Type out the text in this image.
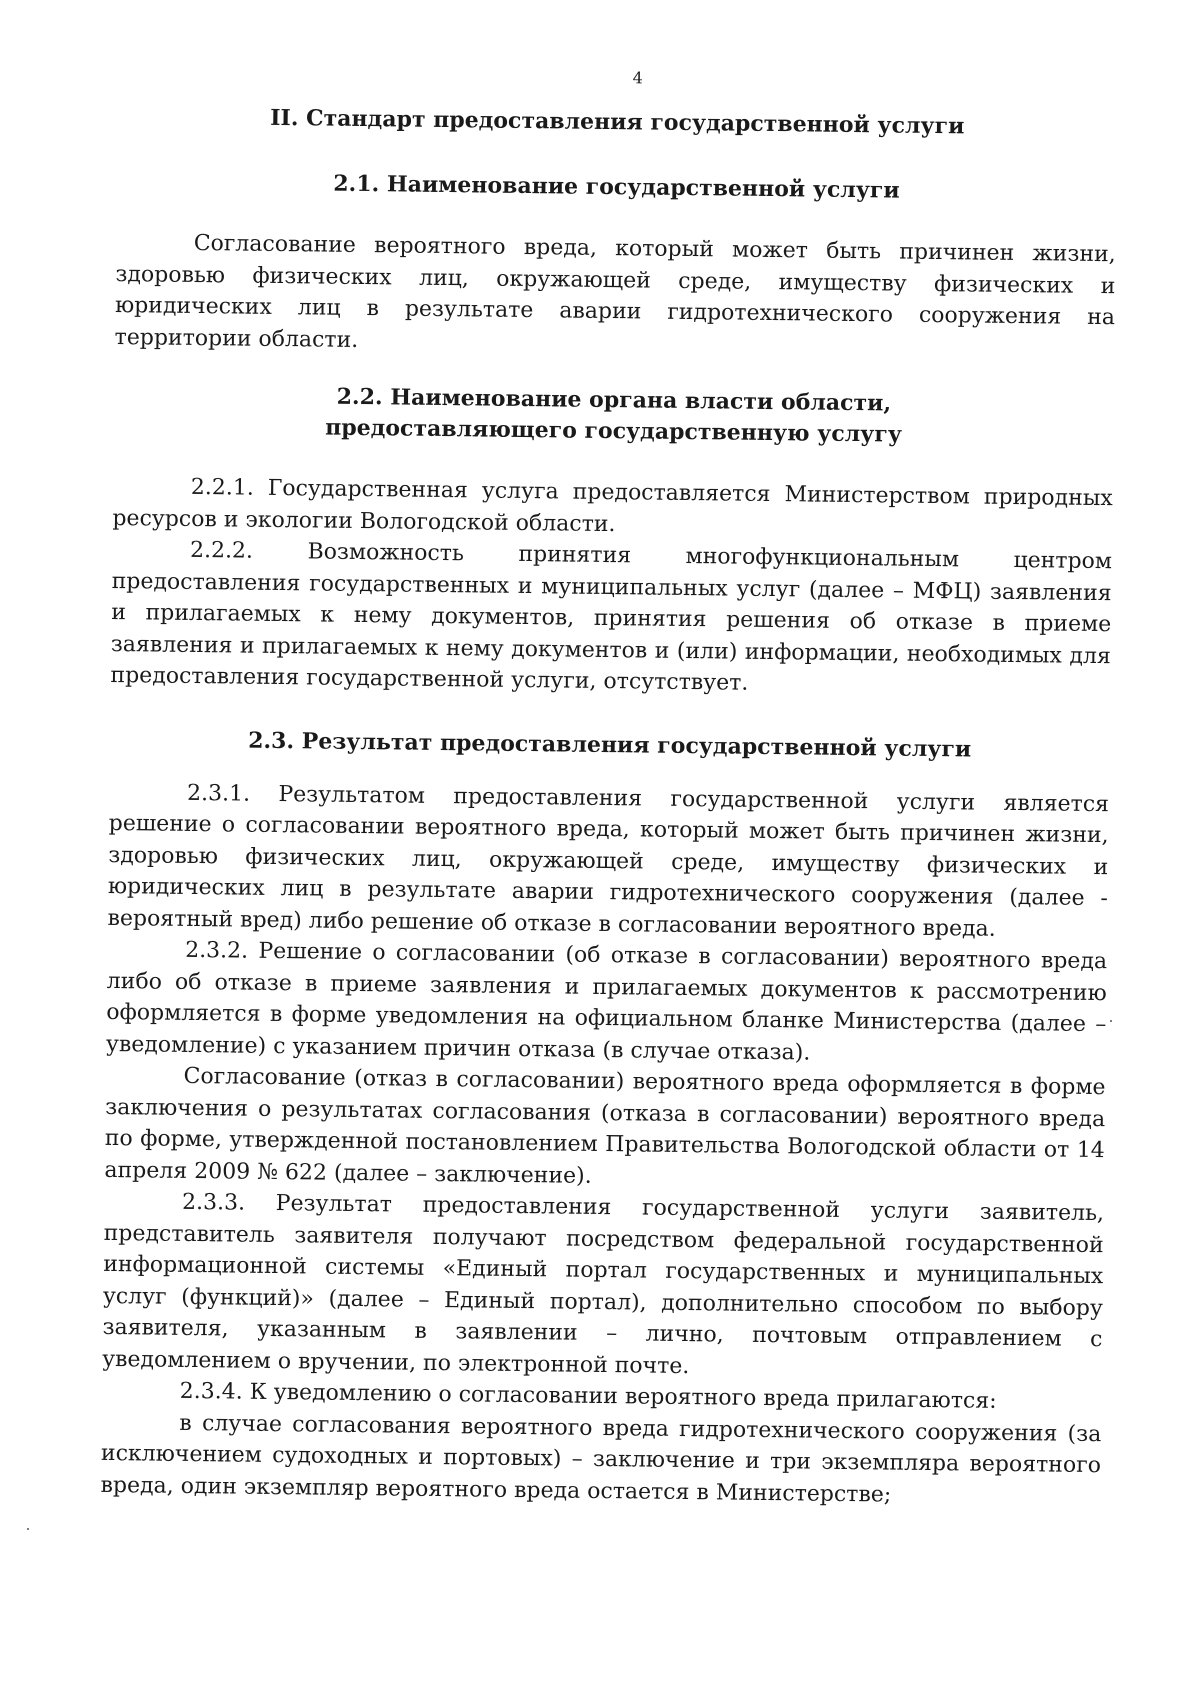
4
II. Стандарт предоставления государственной услуги
2.1. Наименование государственной услуги

Согласование вероятного вреда, который может быть причинен жизни, здоровью физических лиц, окружающей среде, имуществу физических и юридических лиц в результате аварии гидротехнического сооружения на территории области.

2.2. Наименование органа власти области,
предоставляющего государственную услугу

2.2.1. Государственная услуга предоставляется Министерством природных ресурсов и экологии Вологодской области.

2.2.2. Возможность принятия многофункциональным центром предоставления государственных и муниципальных услуг (далее – МФЦ) заявления и прилагаемых к нему документов, принятия решения об отказе в приеме заявления и прилагаемых к нему документов и (или) информации, необходимых для предоставления государственной услуги, отсутствует.

2.3. Результат предоставления государственной услуги

2.3.1. Результатом предоставления государственной услуги является решение о согласовании вероятного вреда, который может быть причинен жизни, здоровью физических лиц, окружающей среде, имуществу физических и юридических лиц в результате аварии гидротехнического сооружения (далее - вероятный вред) либо решение об отказе в согласовании вероятного вреда.

2.3.2. Решение о согласовании (об отказе в согласовании) вероятного вреда либо об отказе в приеме заявления и прилагаемых документов к рассмотрению оформляется в форме уведомления на официальном бланке Министерства (далее – уведомление) с указанием причин отказа (в случае отказа).

Согласование (отказ в согласовании) вероятного вреда оформляется в форме заключения о результатах согласования (отказа в согласовании) вероятного вреда по форме, утвержденной постановлением Правительства Вологодской области от 14 апреля 2009 № 622 (далее – заключение).

2.3.3. Результат предоставления государственной услуги заявитель, представитель заявителя получают посредством федеральной государственной информационной системы «Единый портал государственных и муниципальных услуг (функций)» (далее – Единый портал), дополнительно способом по выбору заявителя, указанным в заявлении – лично, почтовым отправлением с уведомлением о вручении, по электронной почте.

2.3.4. К уведомлению о согласовании вероятного вреда прилагаются:

в случае согласования вероятного вреда гидротехнического сооружения (за исключением судоходных и портовых) – заключение и три экземпляра вероятного вреда, один экземпляр вероятного вреда остается в Министерстве;
